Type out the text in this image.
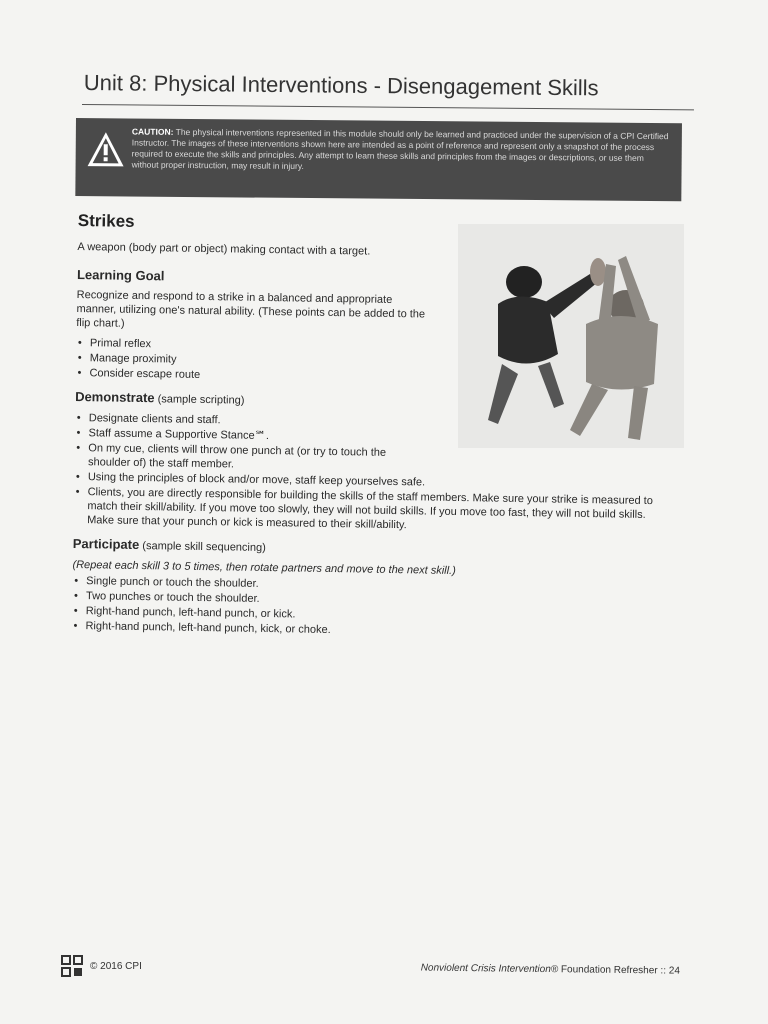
Unit 8: Physical Interventions - Disengagement Skills
CAUTION: The physical interventions represented in this module should only be learned and practiced under the supervision of a CPI Certified Instructor. The images of these interventions shown here are intended as a point of reference and represent only a snapshot of the process required to execute the skills and principles. Any attempt to learn these skills and principles from the images or descriptions, or use them without proper instruction, may result in injury.
Strikes

A weapon (body part or object) making contact with a target.

Learning Goal

Recognize and respond to a strike in a balanced and appropriate manner, utilizing one's natural ability. (These points can be added to the flip chart.)

• Primal reflex
• Manage proximity
• Consider escape route
Demonstrate (sample scripting)
• Designate clients and staff.
• Staff assume a Supportive Stance℠.
• On my cue, clients will throw one punch at (or try to touch the shoulder of) the staff member.
• Using the principles of block and/or move, staff keep yourselves safe.
• Clients, you are directly responsible for building the skills of the staff members. Make sure your strike is measured to match their skill/ability. If you move too slowly, they will not build skills. If you move too fast, they will not build skills. Make sure that your punch or kick is measured to their skill/ability.
Participate (sample skill sequencing)

(Repeat each skill 3 to 5 times, then rotate partners and move to the next skill.)

• Single punch or touch the shoulder.
• Two punches or touch the shoulder.
• Right-hand punch, left-hand punch, or kick.
• Right-hand punch, left-hand punch, kick, or choke.
© 2016 CPI	Nonviolent Crisis Intervention® Foundation Refresher :: 24
